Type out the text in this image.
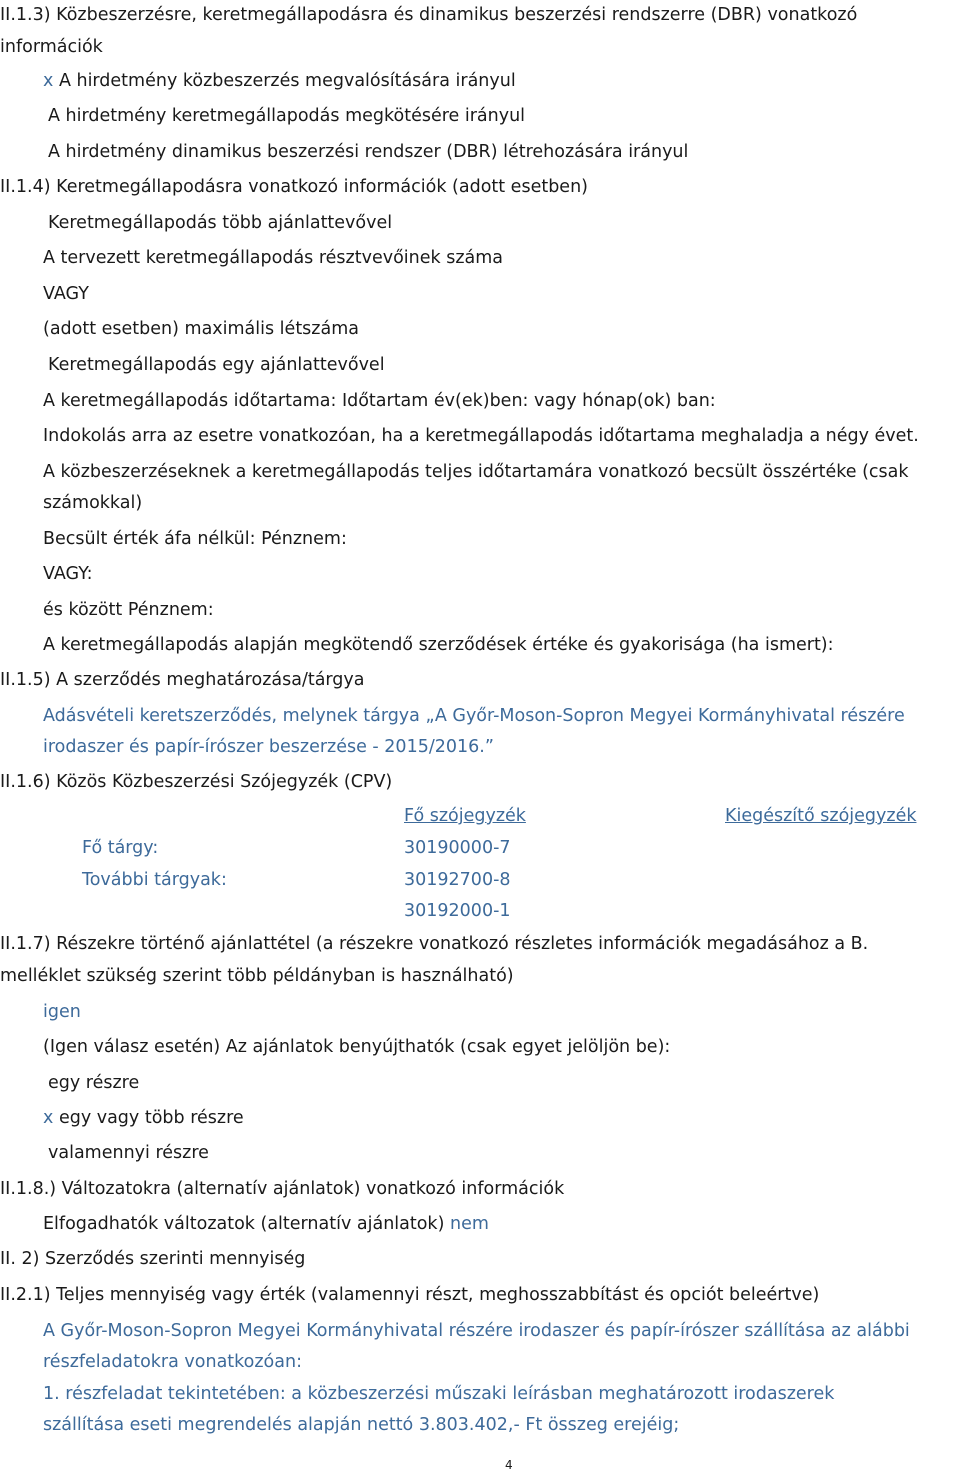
II.1.3) Közbeszerzésre, keretmegállapodásra és dinamikus beszerzési rendszerre (DBR) vonatkozó
információk
x A hirdetmény közbeszerzés megvalósítására irányul
A hirdetmény keretmegállapodás megkötésére irányul
A hirdetmény dinamikus beszerzési rendszer (DBR) létrehozására irányul
II.1.4) Keretmegállapodásra vonatkozó információk (adott esetben)
Keretmegállapodás több ajánlattevővel
A tervezett keretmegállapodás résztvevőinek száma
VAGY
(adott esetben) maximális létszáma
Keretmegállapodás egy ajánlattevővel
A keretmegállapodás időtartama: Időtartam év(ek)ben: vagy hónap(ok) ban:
Indokolás arra az esetre vonatkozóan, ha a keretmegállapodás időtartama meghaladja a négy évet.
A közbeszerzéseknek a keretmegállapodás teljes időtartamára vonatkozó becsült összértéke (csak
számokkal)
Becsült érték áfa nélkül: Pénznem:
VAGY:
és között Pénznem:
A keretmegállapodás alapján megkötendő szerződések értéke és gyakorisága (ha ismert):
II.1.5) A szerződés meghatározása/tárgya
Adásvételi keretszerződés, melynek tárgya „A Győr-Moson-Sopron Megyei Kormányhivatal részére
irodaszer és papír-írószer beszerzése - 2015/2016.”
II.1.6) Közös Közbeszerzési Szójegyzék (CPV)
Fő szójegyzék	Kiegészítő szójegyzék
Fő tárgy:	30190000-7
További tárgyak:	30192700-8
30192000-1
II.1.7) Részekre történő ajánlattétel (a részekre vonatkozó részletes információk megadásához a B.
melléklet szükség szerint több példányban is használható)
igen
(Igen válasz esetén) Az ajánlatok benyújthatók (csak egyet jelöljön be):
egy részre
x egy vagy több részre
valamennyi részre
II.1.8.) Változatokra (alternatív ajánlatok) vonatkozó információk
Elfogadhatók változatok (alternatív ajánlatok) nem
II. 2) Szerződés szerinti mennyiség
II.2.1) Teljes mennyiség vagy érték (valamennyi részt, meghosszabbítást és opciót beleértve)
A Győr-Moson-Sopron Megyei Kormányhivatal részére irodaszer és papír-írószer szállítása az alábbi
részfeladatokra vonatkozóan:
1. részfeladat tekintetében: a közbeszerzési műszaki leírásban meghatározott irodaszerek
szállítása eseti megrendelés alapján nettó 3.803.402,- Ft összeg erejéig;
4
